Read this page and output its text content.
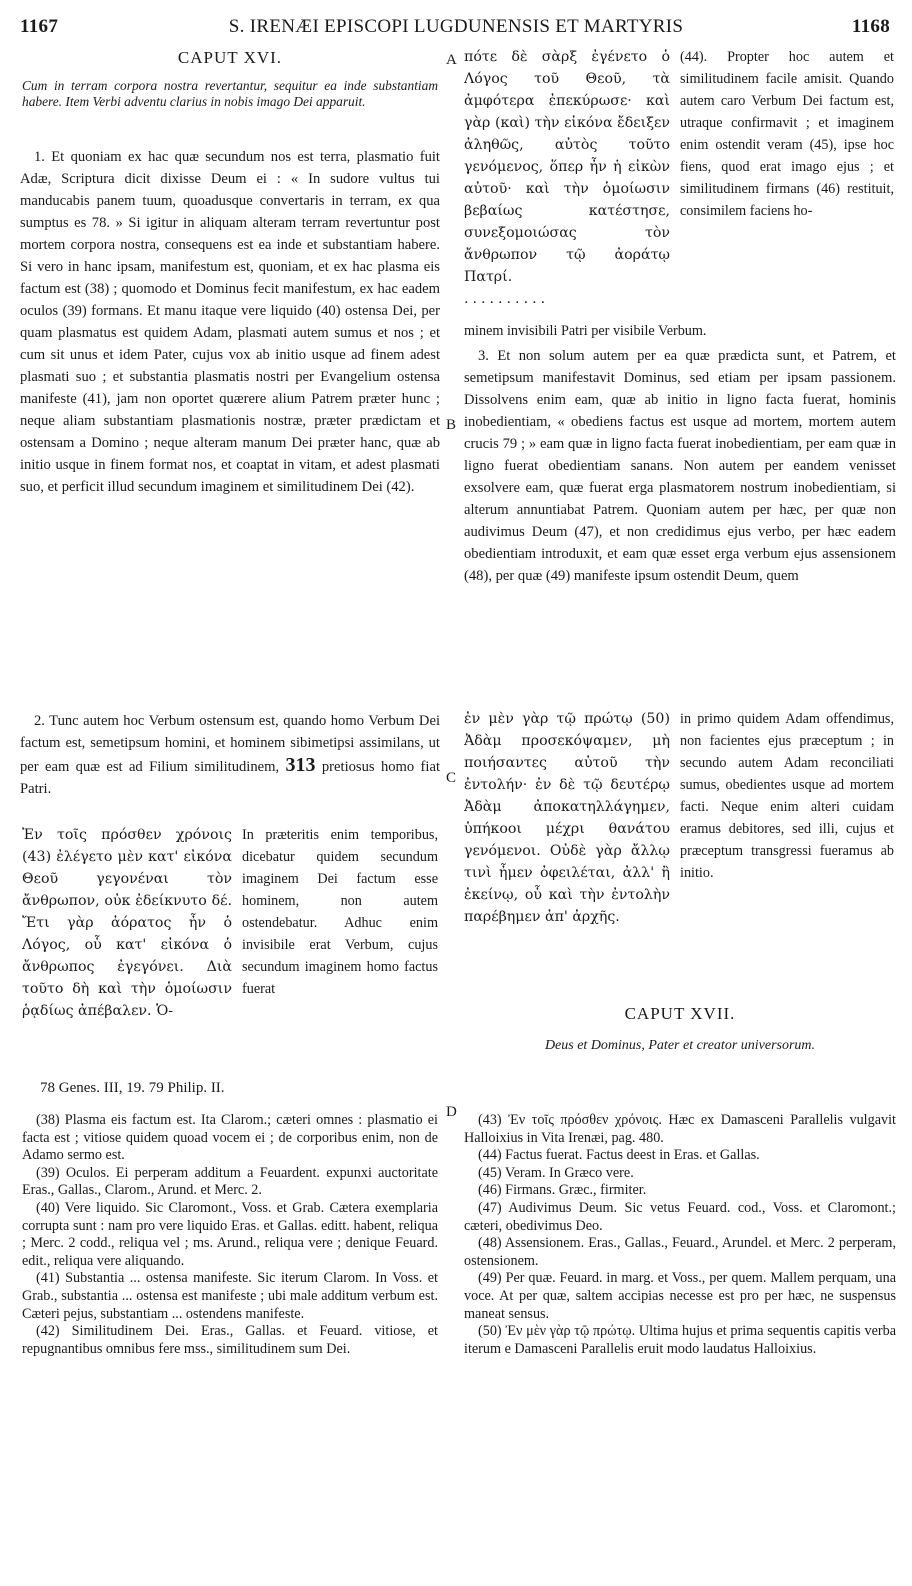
1167	S. IRENÆI EPISCOPI LUGDUNENSIS ET MARTYRIS	1168
CAPUT XVI.
Cum in terram corpora nostra revertantur, sequitur ea inde substantiam habere. Item Verbi adventu clarius in nobis imago Dei apparuit.

1. Et quoniam ex hac quæ secundum nos est terra, plasmatio fuit Adæ, Scriptura dicit dixisse Deum ei : « In sudore vultus tui manducabis panem tuum, quoadusque convertaris in terram, ex qua sumptus es 78. » Si igitur in aliquam alteram terram revertuntur post mortem corpora nostra, consequens est ea inde et substantiam habere. Si vero in hanc ipsam, manifestum est, quoniam, et ex hac plasma eis factum est (38) ; quomodo et Dominus fecit manifestum, ex hac eadem oculos (39) formans. Et manu itaque vere liquido (40) ostensa Dei, per quam plasmatus est quidem Adam, plasmati autem sumus et nos ; et cum sit unus et idem Pater, cujus vox ab initio usque ad finem adest plasmati suo ; et substantia plasmatis nostri per Evangelium ostensa manifeste (41), jam non oportet quærere alium Patrem præter hunc ; neque aliam substantiam plasmationis nostræ, præter prædictam et ostensam a Domino ; neque alteram manum Dei præter hanc, quæ ab initio usque in finem format nos, et coaptat in vitam, et adest plasmati suo, et perficit illud secundum imaginem et similitudinem Dei (42).

2. Tunc autem hoc Verbum ostensum est, quando homo Verbum Dei factum est, semetipsum homini, et hominem sibimetipsi assimilans, ut per eam quæ est ad Filium similitudinem, 313 pretiosus homo fiat Patri.

Ἐν τοῖς πρόσθεν χρόνοις (43) ἐλέγετο μὲν κατ' εἰκόνα Θεοῦ γεγονέναι τὸν ἄνθρωπον, οὐκ ἐδείκνυτο δέ. Ἔτι γὰρ ἀόρατος ἦν ὁ Λόγος, οὗ κατ' εἰκόνα ὁ ἄνθρωπος ἐγεγόνει. Διὰ τοῦτο δὴ καὶ τὴν ὁμοίωσιν ῥᾳδίως ἀπέβαλεν. Ὁ-

In præteritis enim temporibus, dicebatur quidem secundum imaginem Dei factum esse hominem, non autem ostendebatur. Adhuc enim invisibile erat Verbum, cujus secundum imaginem homo factus fuerat

A πότε δὲ σὰρξ ἐγένετο ὁ Λόγος τοῦ Θεοῦ, τὰ ἀμφότερα ἐπεκύρωσε· καὶ γὰρ (καὶ) τὴν εἰκόνα ἔδειξεν ἀληθῶς, αὐτὸς τοῦτο γενόμενος, ὅπερ ἦν ἡ εἰκὼν αὐτοῦ· καὶ τὴν ὁμοίωσιν βεβαίως κατέστησε, συνεξομοιώσας τὸν ἄνθρωπον τῷ ἀοράτῳ Πατρί.

..........

(44). Propter hoc autem et similitudinem facile amisit. Quando autem caro Verbum Dei factum est, utraque confirmavit ; et imaginem enim ostendit veram (45), ipse hoc fiens, quod erat imago ejus ; et similitudinem firmans (46) restituit, consimilem faciens ho-

minem invisibili Patri per visibile Verbum.
B

3. Et non solum autem per ea quæ prædicta sunt, et Patrem, et semetipsum manifestavit Dominus, sed etiam per ipsam passionem. Dissolvens enim eam, quæ ab initio in ligno facta fuerat, hominis inobedientiam, « obediens factus est usque ad mortem, mortem autem crucis 79 ; » eam quæ in ligno facta fuerat inobedientiam, per eam quæ in ligno fuerat obedientiam sanans. Non autem per eandem venisset exsolvere eam, quæ fuerat erga plasmatorem nostrum inobedientiam, si alterum annuntiabat Patrem. Quoniam autem per hæc, per quæ non audivimus Deum (47), et non credidimus ejus verbo, per hæc eadem obedientiam introduxit, et eam quæ esset erga verbum ejus assensionem (48), per quæ (49) manifeste ipsum ostendit Deum, quem

C

ἐν μὲν γὰρ τῷ πρώτῳ (50) Ἀδὰμ προσεκόψαμεν, μὴ ποιήσαντες αὐτοῦ τὴν ἐντολήν· ἐν δὲ τῷ δευτέρῳ Ἀδὰμ ἀποκατηλλάγημεν, ὑπήκοοι μέχρι θανάτου γενόμενοι. Οὐδὲ γὰρ ἄλλῳ τινὶ ἦμεν ὀφειλέται, ἀλλ' ἢ ἐκείνῳ, οὗ καὶ τὴν ἐντολὴν παρέβημεν ἀπ' ἀρχῆς.

in primo quidem Adam offendimus, non facientes ejus præceptum ; in secundo autem Adam reconciliati sumus, obedientes usque ad mortem facti. Neque enim alteri cuidam eramus debitores, sed illi, cujus et præceptum transgressi fueramus ab initio.

CAPUT XVII.
Deus et Dominus, Pater et creator universorum.
78 Genes. III, 19. 79 Philip. II.

(38) Plasma eis factum est. Ita Clarom.; cæteri omnes : plasmatio ei facta est ; vitiose quidem quoad vocem ei ; de corporibus enim, non de Adamo sermo est.

(39) Oculos. Ei perperam additum a Feuardent. expunxi auctoritate Eras., Gallas., Clarom., Arund. et Merc. 2.

(40) Vere liquido. Sic Claromont., Voss. et Grab. Cætera exemplaria corrupta sunt : nam pro vere liquido Eras. et Gallas. editt. habent, reliqua ; Merc. 2 codd., reliqua vel ; ms. Arund., reliqua vere ; denique Feuard. edit., reliqua vere aliquando.

(41) Substantia ... ostensa manifeste. Sic iterum Clarom. In Voss. et Grab., substantia ... ostensa est manifeste ; ubi male additum verbum est. Cæteri pejus, substantiam ... ostendens manifeste.

(42) Similitudinem Dei. Eras., Gallas. et Feuard. vitiose, et repugnantibus omnibus fere mss., similitudinem sum Dei.

D	(43) Ἐν τοῖς πρόσθεν χρόνοις. Hæc ex Damasceni Parallelis vulgavit Halloixius in Vita Irenæi, pag. 480.

(44) Factus fuerat. Factus deest in Eras. et Gallas.

(45) Veram. In Græco vere.

(46) Firmans. Græc., firmiter.

(47) Audivimus Deum. Sic vetus Feuard. cod., Voss. et Claromont.; cæteri, obedivimus Deo.

(48) Assensionem. Eras., Gallas., Feuard., Arundel. et Merc. 2 perperam, ostensionem.

(49) Per quæ. Feuard. in marg. et Voss., per quem. Mallem perquam, una voce. At per quæ, saltem accipias necesse est pro per hæc, ne suspensus maneat sensus.

(50) Ἐν μὲν γὰρ τῷ πρώτῳ. Ultima hujus et prima sequentis capitis verba iterum e Damasceni Parallelis eruit modo laudatus Halloixius.
